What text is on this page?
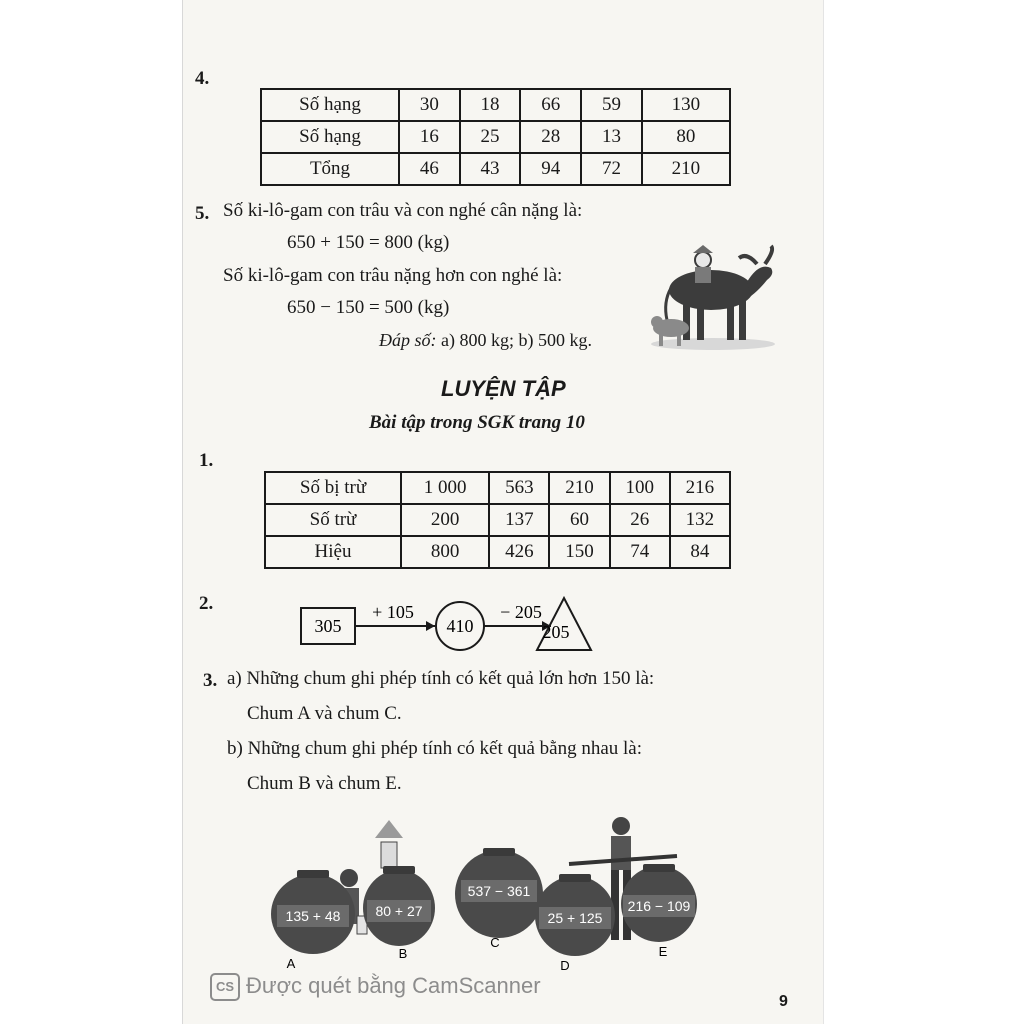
4.
Số hạng	30	18	66	59	130
Số hạng	16	25	28	13	80
Tổng	46	43	94	72	210
5. Số ki-lô-gam con trâu và con nghé cân nặng là:
650 + 150 = 800 (kg)
Số ki-lô-gam con trâu nặng hơn con nghé là:
650 − 150 = 500 (kg)
Đáp số: a) 800 kg; b) 500 kg.
LUYỆN TẬP
Bài tập trong SGK trang 10
1.
Số bị trừ	1 000	563	210	100	216
Số trừ	200	137	60	26	132
Hiệu	800	426	150	74	84
2.
305
+ 105
410
− 205
205
3. a) Những chum ghi phép tính có kết quả lớn hơn 150 là:
Chum A và chum C.
b) Những chum ghi phép tính có kết quả bằng nhau là:
Chum B và chum E.
135 + 48
A
80 + 27
B
537 − 361
C
25 + 125
D
216 − 109
E
9
CS Được quét bằng CamScanner
